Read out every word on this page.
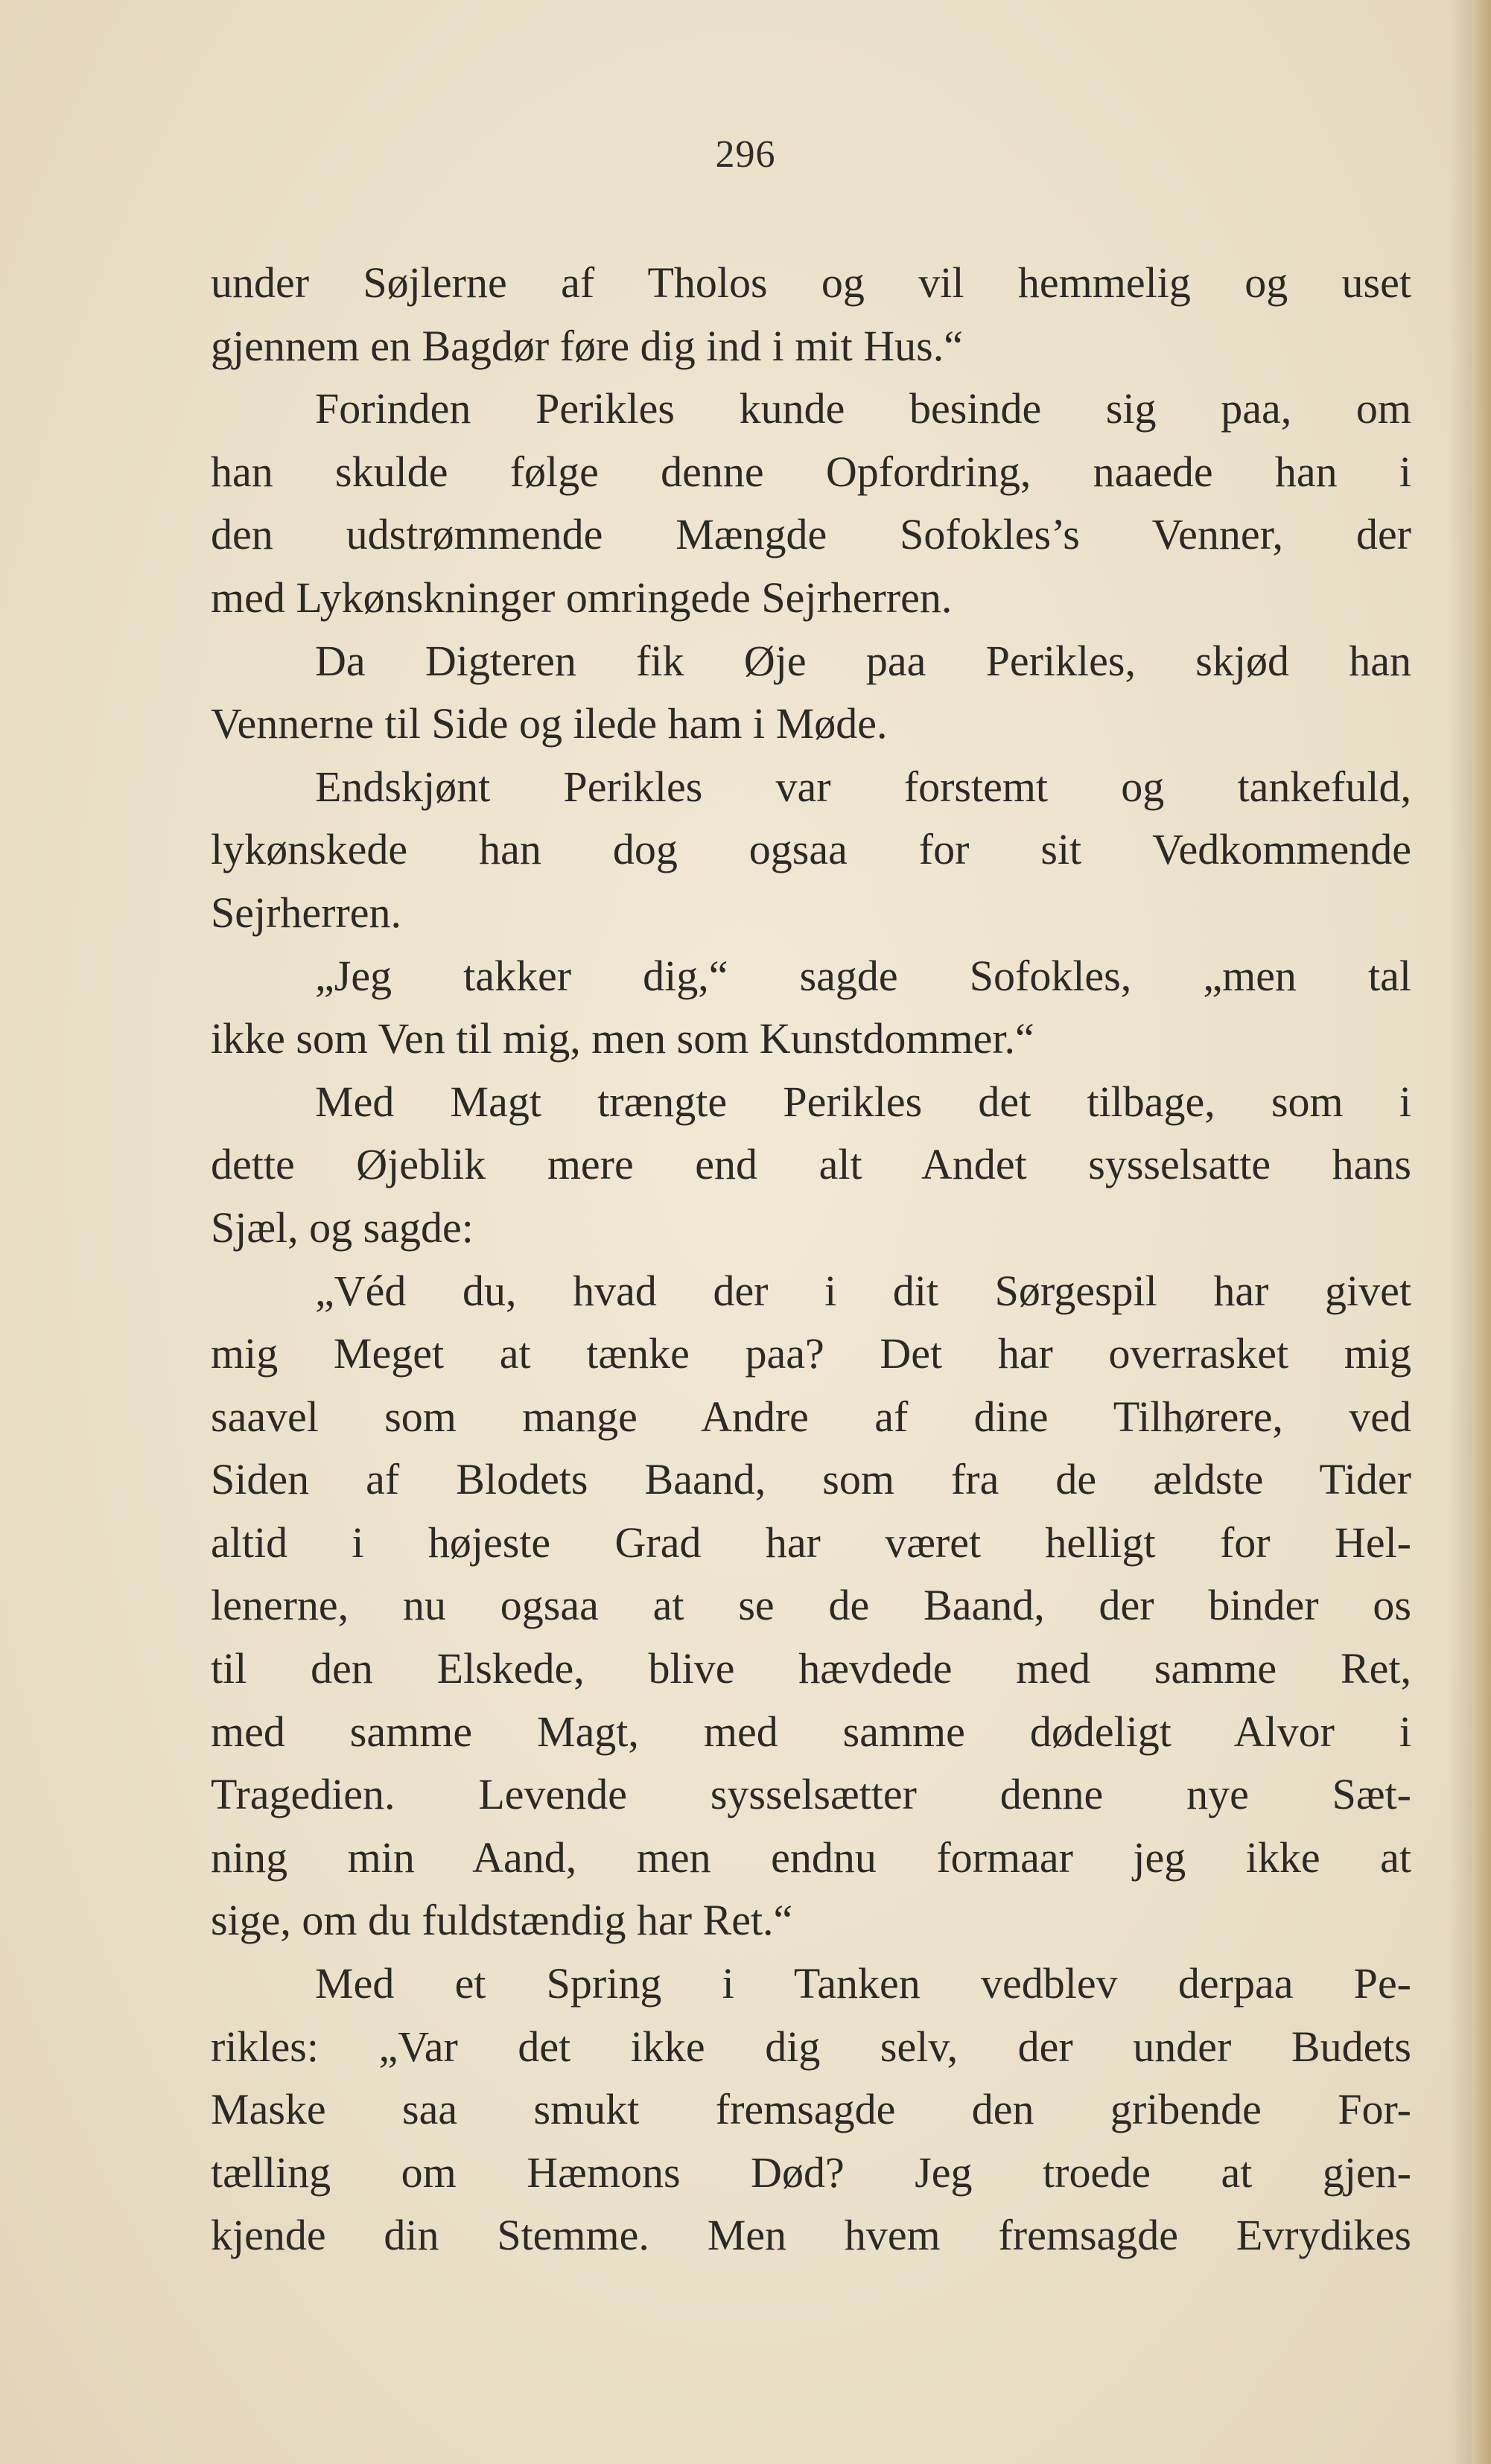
296
under Søjlerne af Tholos og vil hemmelig og uset
gjennem en Bagdør føre dig ind i mit Hus.“
Forinden Perikles kunde besinde sig paa, om
han skulde følge denne Opfordring, naaede han i
den udstrømmende Mængde Sofokles’s Venner, der
med Lykønskninger omringede Sejrherren.
Da Digteren fik Øje paa Perikles, skjød han
Vennerne til Side og ilede ham i Møde.
Endskjønt Perikles var forstemt og tankefuld,
lykønskede han dog ogsaa for sit Vedkommende
Sejrherren.
„Jeg takker dig,“ sagde Sofokles, „men tal
ikke som Ven til mig, men som Kunstdommer.“
Med Magt trængte Perikles det tilbage, som i
dette Øjeblik mere end alt Andet sysselsatte hans
Sjæl, og sagde:
„Véd du, hvad der i dit Sørgespil har givet
mig Meget at tænke paa? Det har overrasket mig
saavel som mange Andre af dine Tilhørere, ved
Siden af Blodets Baand, som fra de ældste Tider
altid i højeste Grad har været helligt for Hel-
lenerne, nu ogsaa at se de Baand, der binder os
til den Elskede, blive hævdede med samme Ret,
med samme Magt, med samme dødeligt Alvor i
Tragedien. Levende sysselsætter denne nye Sæt-
ning min Aand, men endnu formaar jeg ikke at
sige, om du fuldstændig har Ret.“
Med et Spring i Tanken vedblev derpaa Pe-
rikles: „Var det ikke dig selv, der under Budets
Maske saa smukt fremsagde den gribende For-
tælling om Hæmons Død? Jeg troede at gjen-
kjende din Stemme. Men hvem fremsagde Evrydikes
